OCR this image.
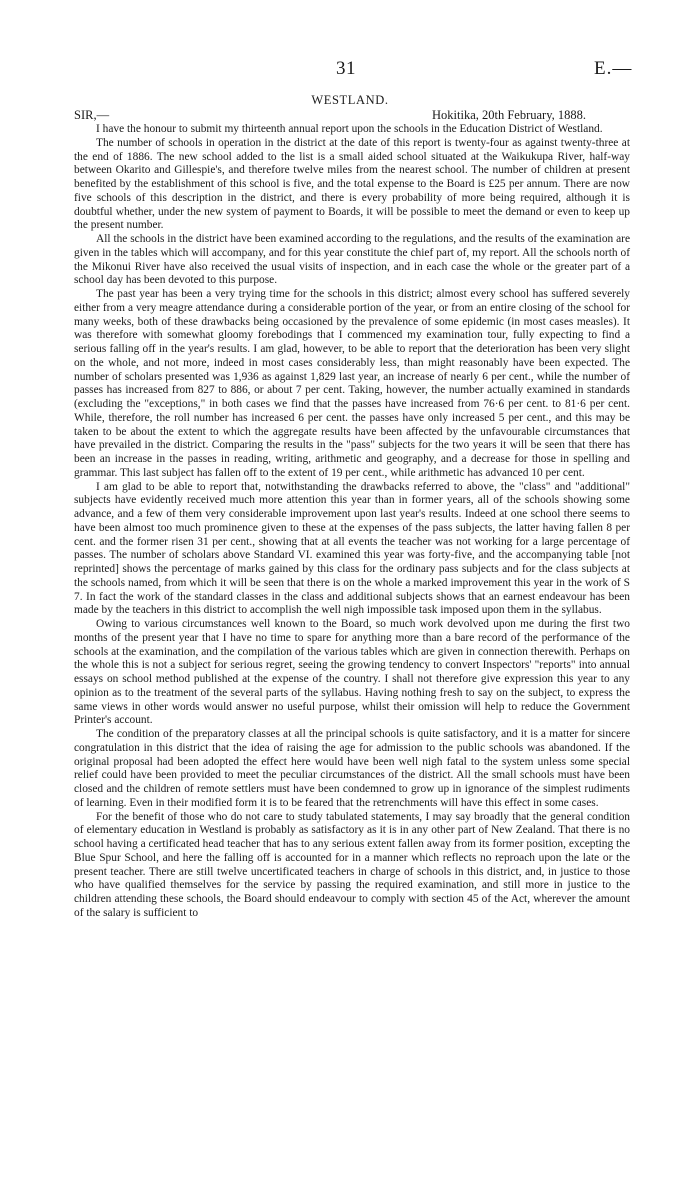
31	E.—
WESTLAND.
SIR,—	Hokitika, 20th February, 1888.

I have the honour to submit my thirteenth annual report upon the schools in the Education District of Westland.

The number of schools in operation in the district at the date of this report is twenty-four as against twenty-three at the end of 1886. The new school added to the list is a small aided school situated at the Waikukupa River, half-way between Okarito and Gillespie's, and therefore twelve miles from the nearest school. The number of children at present benefited by the establishment of this school is five, and the total expense to the Board is £25 per annum. There are now five schools of this description in the district, and there is every probability of more being required, although it is doubtful whether, under the new system of payment to Boards, it will be possible to meet the demand or even to keep up the present number.

All the schools in the district have been examined according to the regulations, and the results of the examination are given in the tables which will accompany, and for this year constitute the chief part of, my report. All the schools north of the Mikonui River have also received the usual visits of inspection, and in each case the whole or the greater part of a school day has been devoted to this purpose.

The past year has been a very trying time for the schools in this district; almost every school has suffered severely either from a very meagre attendance during a considerable portion of the year, or from an entire closing of the school for many weeks, both of these drawbacks being occasioned by the prevalence of some epidemic (in most cases measles). It was therefore with somewhat gloomy forebodings that I commenced my examination tour, fully expecting to find a serious falling off in the year's results. I am glad, however, to be able to report that the deterioration has been very slight on the whole, and not more, indeed in most cases considerably less, than might reasonably have been expected. The number of scholars presented was 1,936 as against 1,829 last year, an increase of nearly 6 per cent., while the number of passes has increased from 827 to 886, or about 7 per cent. Taking, however, the number actually examined in standards (excluding the "exceptions," in both cases we find that the passes have increased from 76·6 per cent. to 81·6 per cent. While, therefore, the roll number has increased 6 per cent. the passes have only increased 5 per cent., and this may be taken to be about the extent to which the aggregate results have been affected by the unfavourable circumstances that have prevailed in the district. Comparing the results in the "pass" subjects for the two years it will be seen that there has been an increase in the passes in reading, writing, arithmetic and geography, and a decrease for those in spelling and grammar. This last subject has fallen off to the extent of 19 per cent., while arithmetic has advanced 10 per cent.

I am glad to be able to report that, notwithstanding the drawbacks referred to above, the "class" and "additional" subjects have evidently received much more attention this year than in former years, all of the schools showing some advance, and a few of them very considerable improvement upon last year's results. Indeed at one school there seems to have been almost too much prominence given to these at the expenses of the pass subjects, the latter having fallen 8 per cent. and the former risen 31 per cent., showing that at all events the teacher was not working for a large percentage of passes. The number of scholars above Standard VI. examined this year was forty-five, and the accompanying table [not reprinted] shows the percentage of marks gained by this class for the ordinary pass subjects and for the class subjects at the schools named, from which it will be seen that there is on the whole a marked improvement this year in the work of S 7. In fact the work of the standard classes in the class and additional subjects shows that an earnest endeavour has been made by the teachers in this district to accomplish the well nigh impossible task imposed upon them in the syllabus.

Owing to various circumstances well known to the Board, so much work devolved upon me during the first two months of the present year that I have no time to spare for anything more than a bare record of the performance of the schools at the examination, and the compilation of the various tables which are given in connection therewith. Perhaps on the whole this is not a subject for serious regret, seeing the growing tendency to convert Inspectors' "reports" into annual essays on school method published at the expense of the country. I shall not therefore give expression this year to any opinion as to the treatment of the several parts of the syllabus. Having nothing fresh to say on the subject, to express the same views in other words would answer no useful purpose, whilst their omission will help to reduce the Government Printer's account.

The condition of the preparatory classes at all the principal schools is quite satisfactory, and it is a matter for sincere congratulation in this district that the idea of raising the age for admission to the public schools was abandoned. If the original proposal had been adopted the effect here would have been well nigh fatal to the system unless some special relief could have been provided to meet the peculiar circumstances of the district. All the small schools must have been closed and the children of remote settlers must have been condemned to grow up in ignorance of the simplest rudiments of learning. Even in their modified form it is to be feared that the retrenchments will have this effect in some cases.

For the benefit of those who do not care to study tabulated statements, I may say broadly that the general condition of elementary education in Westland is probably as satisfactory as it is in any other part of New Zealand. That there is no school having a certificated head teacher that has to any serious extent fallen away from its former position, excepting the Blue Spur School, and here the falling off is accounted for in a manner which reflects no reproach upon the late or the present teacher. There are still twelve uncertificated teachers in charge of schools in this district, and, in justice to those who have qualified themselves for the service by passing the required examination, and still more in justice to the children attending these schools, the Board should endeavour to comply with section 45 of the Act, wherever the amount of the salary is sufficient to
